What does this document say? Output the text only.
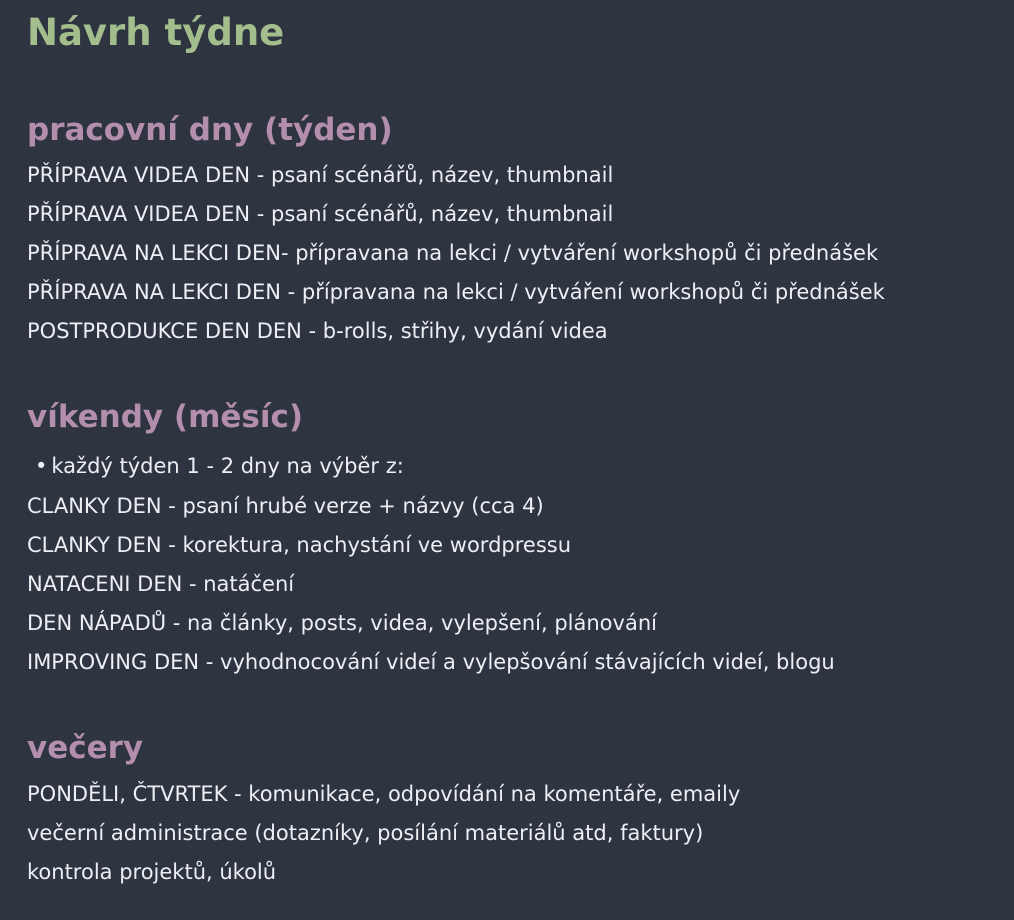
Návrh týdne
pracovní dny (týden)
PŘÍPRAVA VIDEA DEN - psaní scénářů, název, thumbnail
PŘÍPRAVA VIDEA DEN - psaní scénářů, název, thumbnail
PŘÍPRAVA NA LEKCI DEN- přípravana na lekci / vytváření workshopů či přednášek
PŘÍPRAVA NA LEKCI DEN - přípravana na lekci / vytváření workshopů či přednášek
POSTPRODUKCE DEN DEN - b-rolls, střihy, vydání videa
víkendy (měsíc)
• každý týden 1 - 2 dny na výběr z:
CLANKY DEN - psaní hrubé verze + názvy (cca 4)
CLANKY DEN - korektura, nachystání ve wordpressu
NATACENI DEN - natáčení
DEN NÁPADŮ - na články, posts, videa, vylepšení, plánování
IMPROVING DEN - vyhodnocování videí a vylepšování stávajících videí, blogu
večery
PONDĚLI, ČTVRTEK - komunikace, odpovídání na komentáře, emaily
večerní administrace (dotazníky, posílání materiálů atd, faktury)
kontrola projektů, úkolů
